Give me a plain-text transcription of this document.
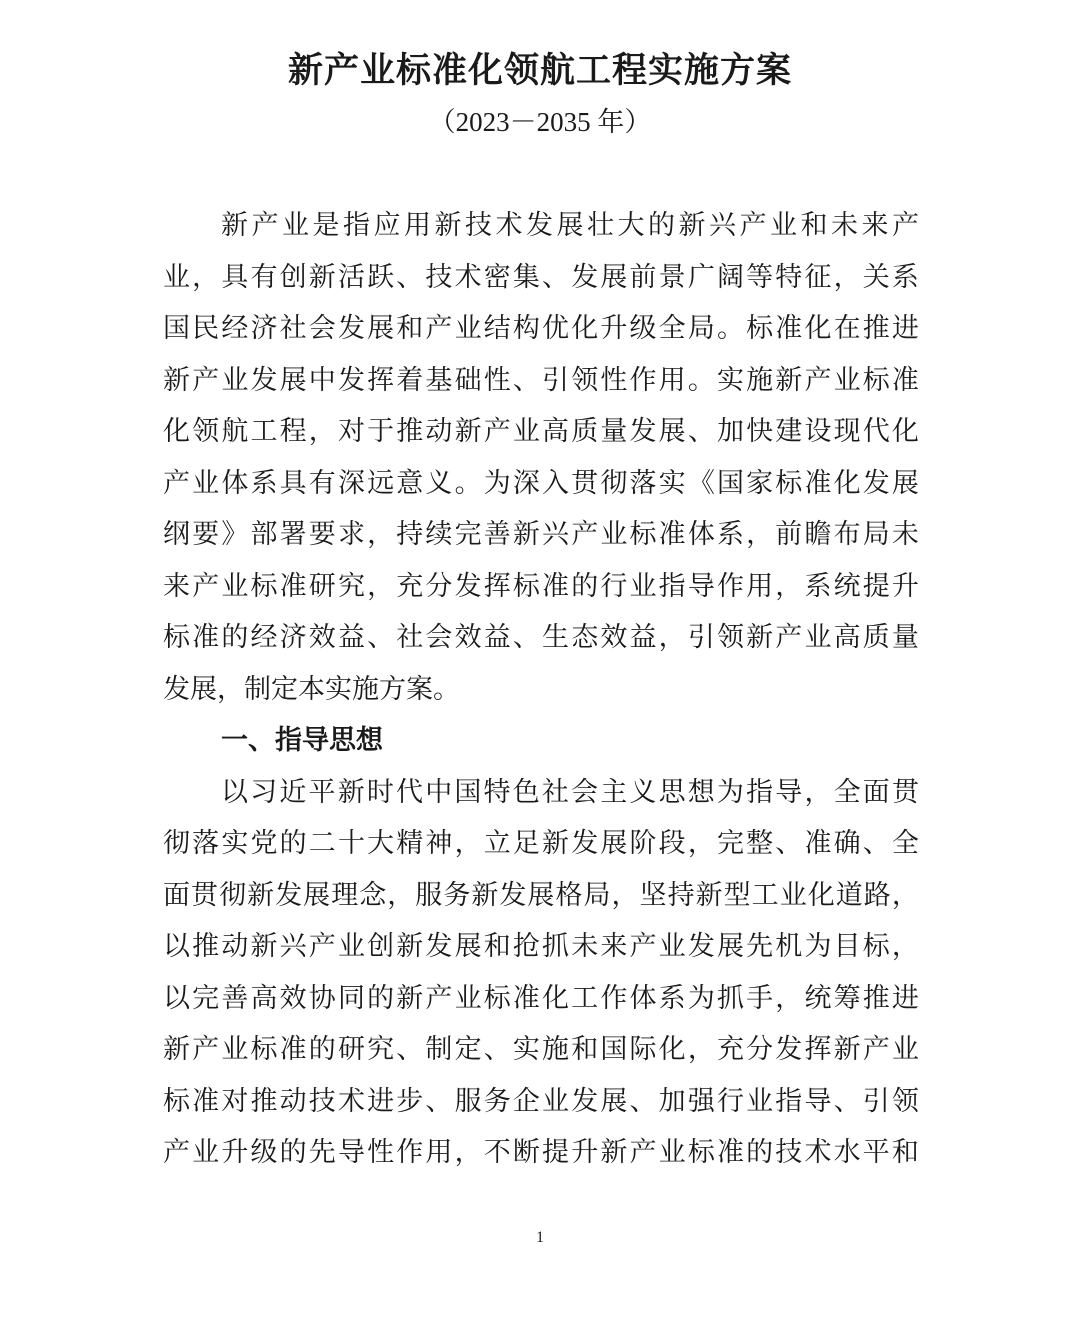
新产业标准化领航工程实施方案
（2023－2035 年）
新 产 业 是 指 应 用 新 技 术 发 展 壮 大 的 新 兴 产 业 和 未 来 产
业 ， 具 有 创 新 活 跃 、 技 术 密 集 、 发 展 前 景 广 阔 等 特 征 ， 关 系
国 民 经 济 社 会 发 展 和 产 业 结 构 优 化 升 级 全 局 。 标 准 化 在 推 进
新 产 业 发 展 中 发 挥 着 基 础 性 、 引 领 性 作 用 。 实 施 新 产 业 标 准
化 领 航 工 程 ， 对 于 推 动 新 产 业 高 质 量 发 展 、 加 快 建 设 现 代 化
产 业 体 系 具 有 深 远 意 义 。 为 深 入 贯 彻 落 实 《 国 家 标 准 化 发 展
纲 要 》 部 署 要 求 ， 持 续 完 善 新 兴 产 业 标 准 体 系 ， 前 瞻 布 局 未
来 产 业 标 准 研 究 ， 充 分 发 挥 标 准 的 行 业 指 导 作 用 ， 系 统 提 升
标 准 的 经 济 效 益 、 社 会 效 益 、 生 态 效 益 ， 引 领 新 产 业 高 质 量
发展，制定本实施方案。
一、指导思想
以 习 近 平 新 时 代 中 国 特 色 社 会 主 义 思 想 为 指 导 ， 全 面 贯
彻 落 实 党 的 二 十 大 精 神 ， 立 足 新 发 展 阶 段 ， 完 整 、 准 确 、 全
面 贯 彻 新 发 展 理 念 ， 服 务 新 发 展 格 局 ， 坚 持 新 型 工 业 化 道 路 ，
以 推 动 新 兴 产 业 创 新 发 展 和 抢 抓 未 来 产 业 发 展 先 机 为 目 标 ，
以 完 善 高 效 协 同 的 新 产 业 标 准 化 工 作 体 系 为 抓 手 ， 统 筹 推 进
新 产 业 标 准 的 研 究 、 制 定 、 实 施 和 国 际 化 ， 充 分 发 挥 新 产 业
标 准 对 推 动 技 术 进 步 、 服 务 企 业 发 展 、 加 强 行 业 指 导 、 引 领
产 业 升 级 的 先 导 性 作 用 ， 不 断 提 升 新 产 业 标 准 的 技 术 水 平 和
1
